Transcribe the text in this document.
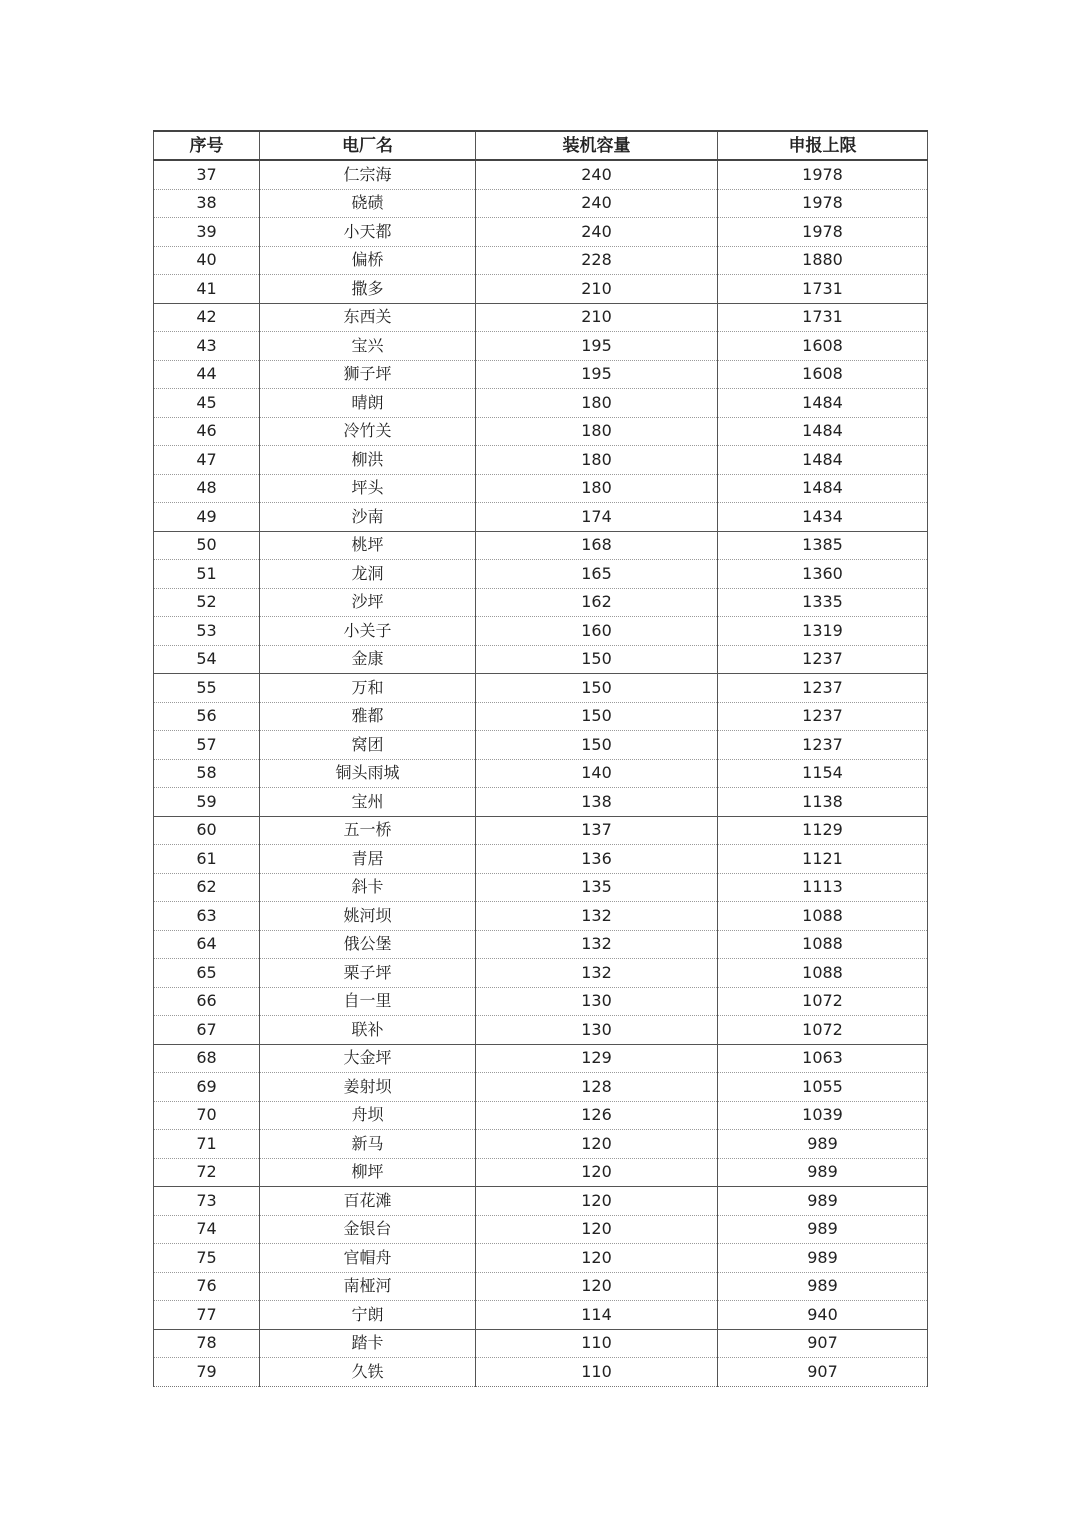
序号	电厂名	装机容量	申报上限
37	仁宗海	240	1978
38	硗碛	240	1978
39	小天都	240	1978
40	偏桥	228	1880
41	撒多	210	1731
42	东西关	210	1731
43	宝兴	195	1608
44	狮子坪	195	1608
45	晴朗	180	1484
46	冷竹关	180	1484
47	柳洪	180	1484
48	坪头	180	1484
49	沙南	174	1434
50	桃坪	168	1385
51	龙洞	165	1360
52	沙坪	162	1335
53	小关子	160	1319
54	金康	150	1237
55	万和	150	1237
56	雅都	150	1237
57	窝团	150	1237
58	铜头雨城	140	1154
59	宝州	138	1138
60	五一桥	137	1129
61	青居	136	1121
62	斜卡	135	1113
63	姚河坝	132	1088
64	俄公堡	132	1088
65	栗子坪	132	1088
66	自一里	130	1072
67	联补	130	1072
68	大金坪	129	1063
69	姜射坝	128	1055
70	舟坝	126	1039
71	新马	120	989
72	柳坪	120	989
73	百花滩	120	989
74	金银台	120	989
75	官帽舟	120	989
76	南桠河	120	989
77	宁朗	114	940
78	踏卡	110	907
79	久铁	110	907
